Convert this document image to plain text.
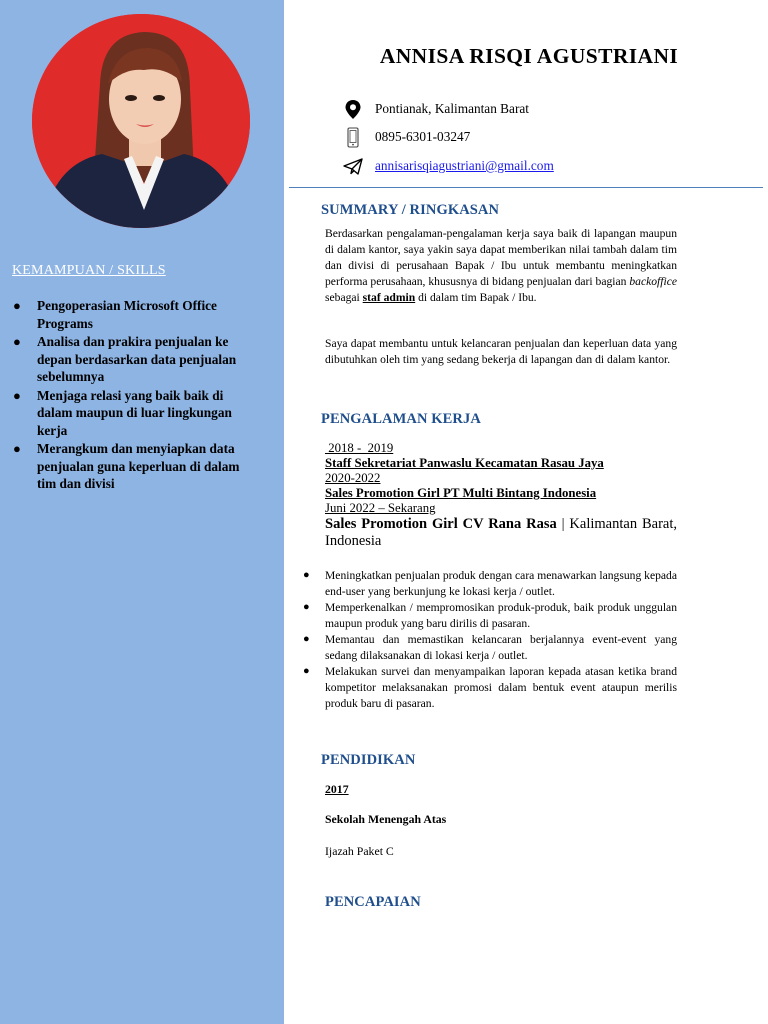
KEMAMPUAN / SKILLS
● Pengoperasian Microsoft Office Programs
● Analisa dan prakira penjualan ke depan berdasarkan data penjualan sebelumnya
● Menjaga relasi yang baik baik di dalam maupun di luar lingkungan kerja
● Merangkum dan menyiapkan data penjualan guna keperluan di dalam tim dan divisi
ANNISA RISQI AGUSTRIANI
Pontianak, Kalimantan Barat
0895-6301-03247
annisarisqiagustriani@gmail.com
SUMMARY / RINGKASAN

Berdasarkan pengalaman-pengalaman kerja saya baik di lapangan maupun di dalam kantor, saya yakin saya dapat memberikan nilai tambah dalam tim dan divisi di perusahaan Bapak / Ibu untuk membantu meningkatkan performa perusahaan, khususnya di bidang penjualan dari bagian backoffice sebagai staf admin di dalam tim Bapak / Ibu.

Saya dapat membantu untuk kelancaran penjualan dan keperluan data yang dibutuhkan oleh tim yang sedang bekerja di lapangan dan di dalam kantor.

PENGALAMAN KERJA
2018 -  2019
Staff Sekretariat Panwaslu Kecamatan Rasau Jaya
2020-2022
Sales Promotion Girl PT Multi Bintang Indonesia
Juni 2022 – Sekarang
Sales Promotion Girl CV Rana Rasa | Kalimantan Barat, Indonesia
● Meningkatkan penjualan produk dengan cara menawarkan langsung kepada end-user yang berkunjung ke lokasi kerja / outlet.
● Memperkenalkan / mempromosikan produk-produk, baik produk unggulan maupun produk yang baru dirilis di pasaran.
● Memantau dan memastikan kelancaran berjalannya event-event yang sedang dilaksanakan di lokasi kerja / outlet.
● Melakukan survei dan menyampaikan laporan kepada atasan ketika brand kompetitor melaksanakan promosi dalam bentuk event ataupun merilis produk baru di pasaran.
PENDIDIKAN
2017
Sekolah Menengah Atas
Ijazah Paket C
PENCAPAIAN
